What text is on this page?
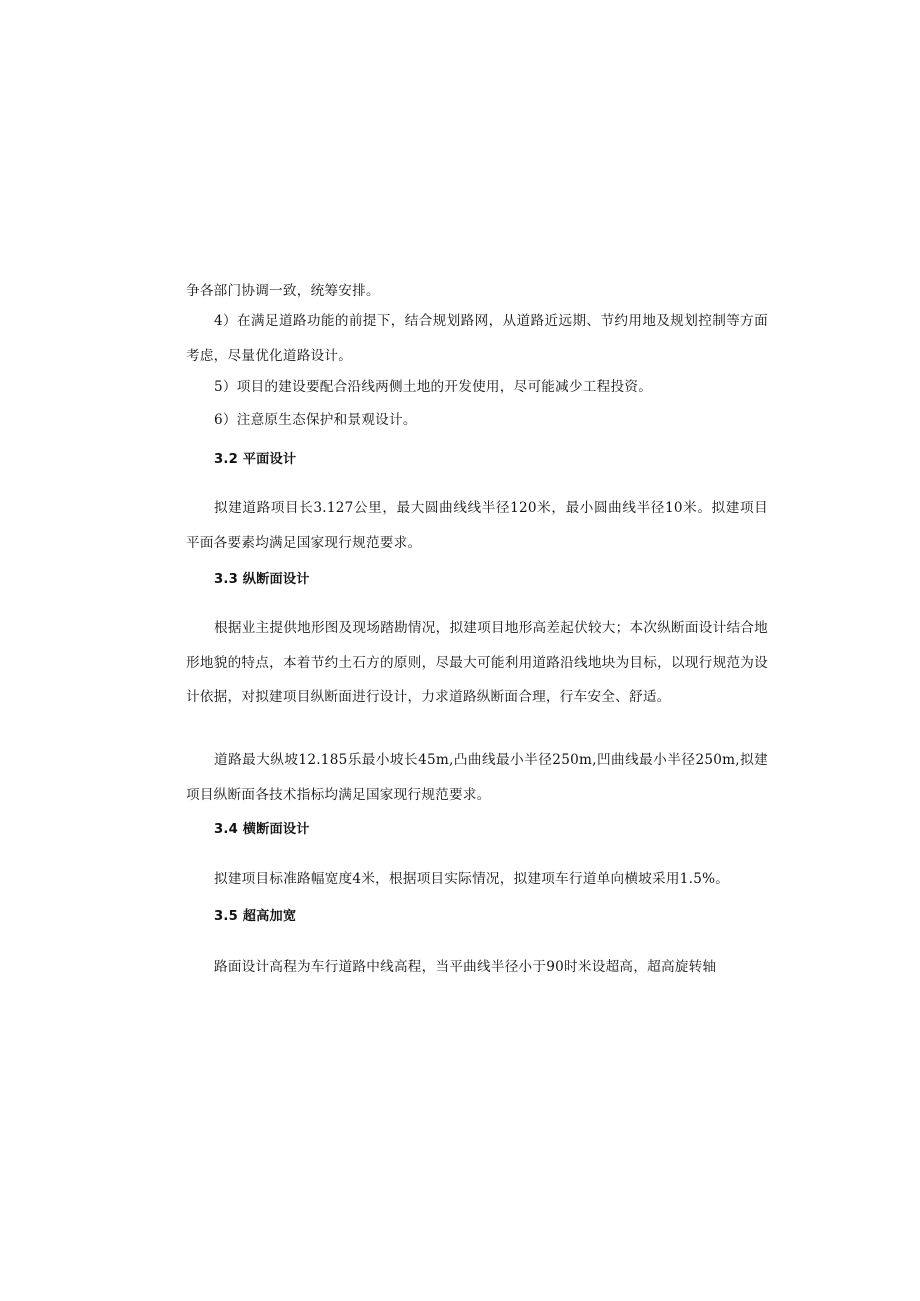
争各部门协调一致，统筹安排。

4）在满足道路功能的前提下，结合规划路网，从道路近远期、节约用地及规划控制等方面考虑，尽量优化道路设计。

5）项目的建设要配合沿线两侧土地的开发使用，尽可能减少工程投资。

6）注意原生态保护和景观设计。

3.2 平面设计

拟建道路项目长3.127公里，最大圆曲线线半径120米，最小圆曲线半径10米。拟建项目平面各要素均满足国家现行规范要求。

3.3 纵断面设计

根据业主提供地形图及现场踏勘情况，拟建项目地形高差起伏较大；本次纵断面设计结合地形地貌的特点，本着节约土石方的原则，尽最大可能利用道路沿线地块为目标，以现行规范为设计依据，对拟建项目纵断面进行设计，力求道路纵断面合理，行车安全、舒适。

道路最大纵坡12.185乐最小坡长45m,凸曲线最小半径250m,凹曲线最小半径250m,拟建项目纵断面各技术指标均满足国家现行规范要求。

3.4 横断面设计

拟建项目标准路幅宽度4米，根据项目实际情况，拟建项车行道单向横坡采用1.5%。

3.5 超高加宽

路面设计高程为车行道路中线高程，当平曲线半径小于90时米设超高，超高旋转轴
